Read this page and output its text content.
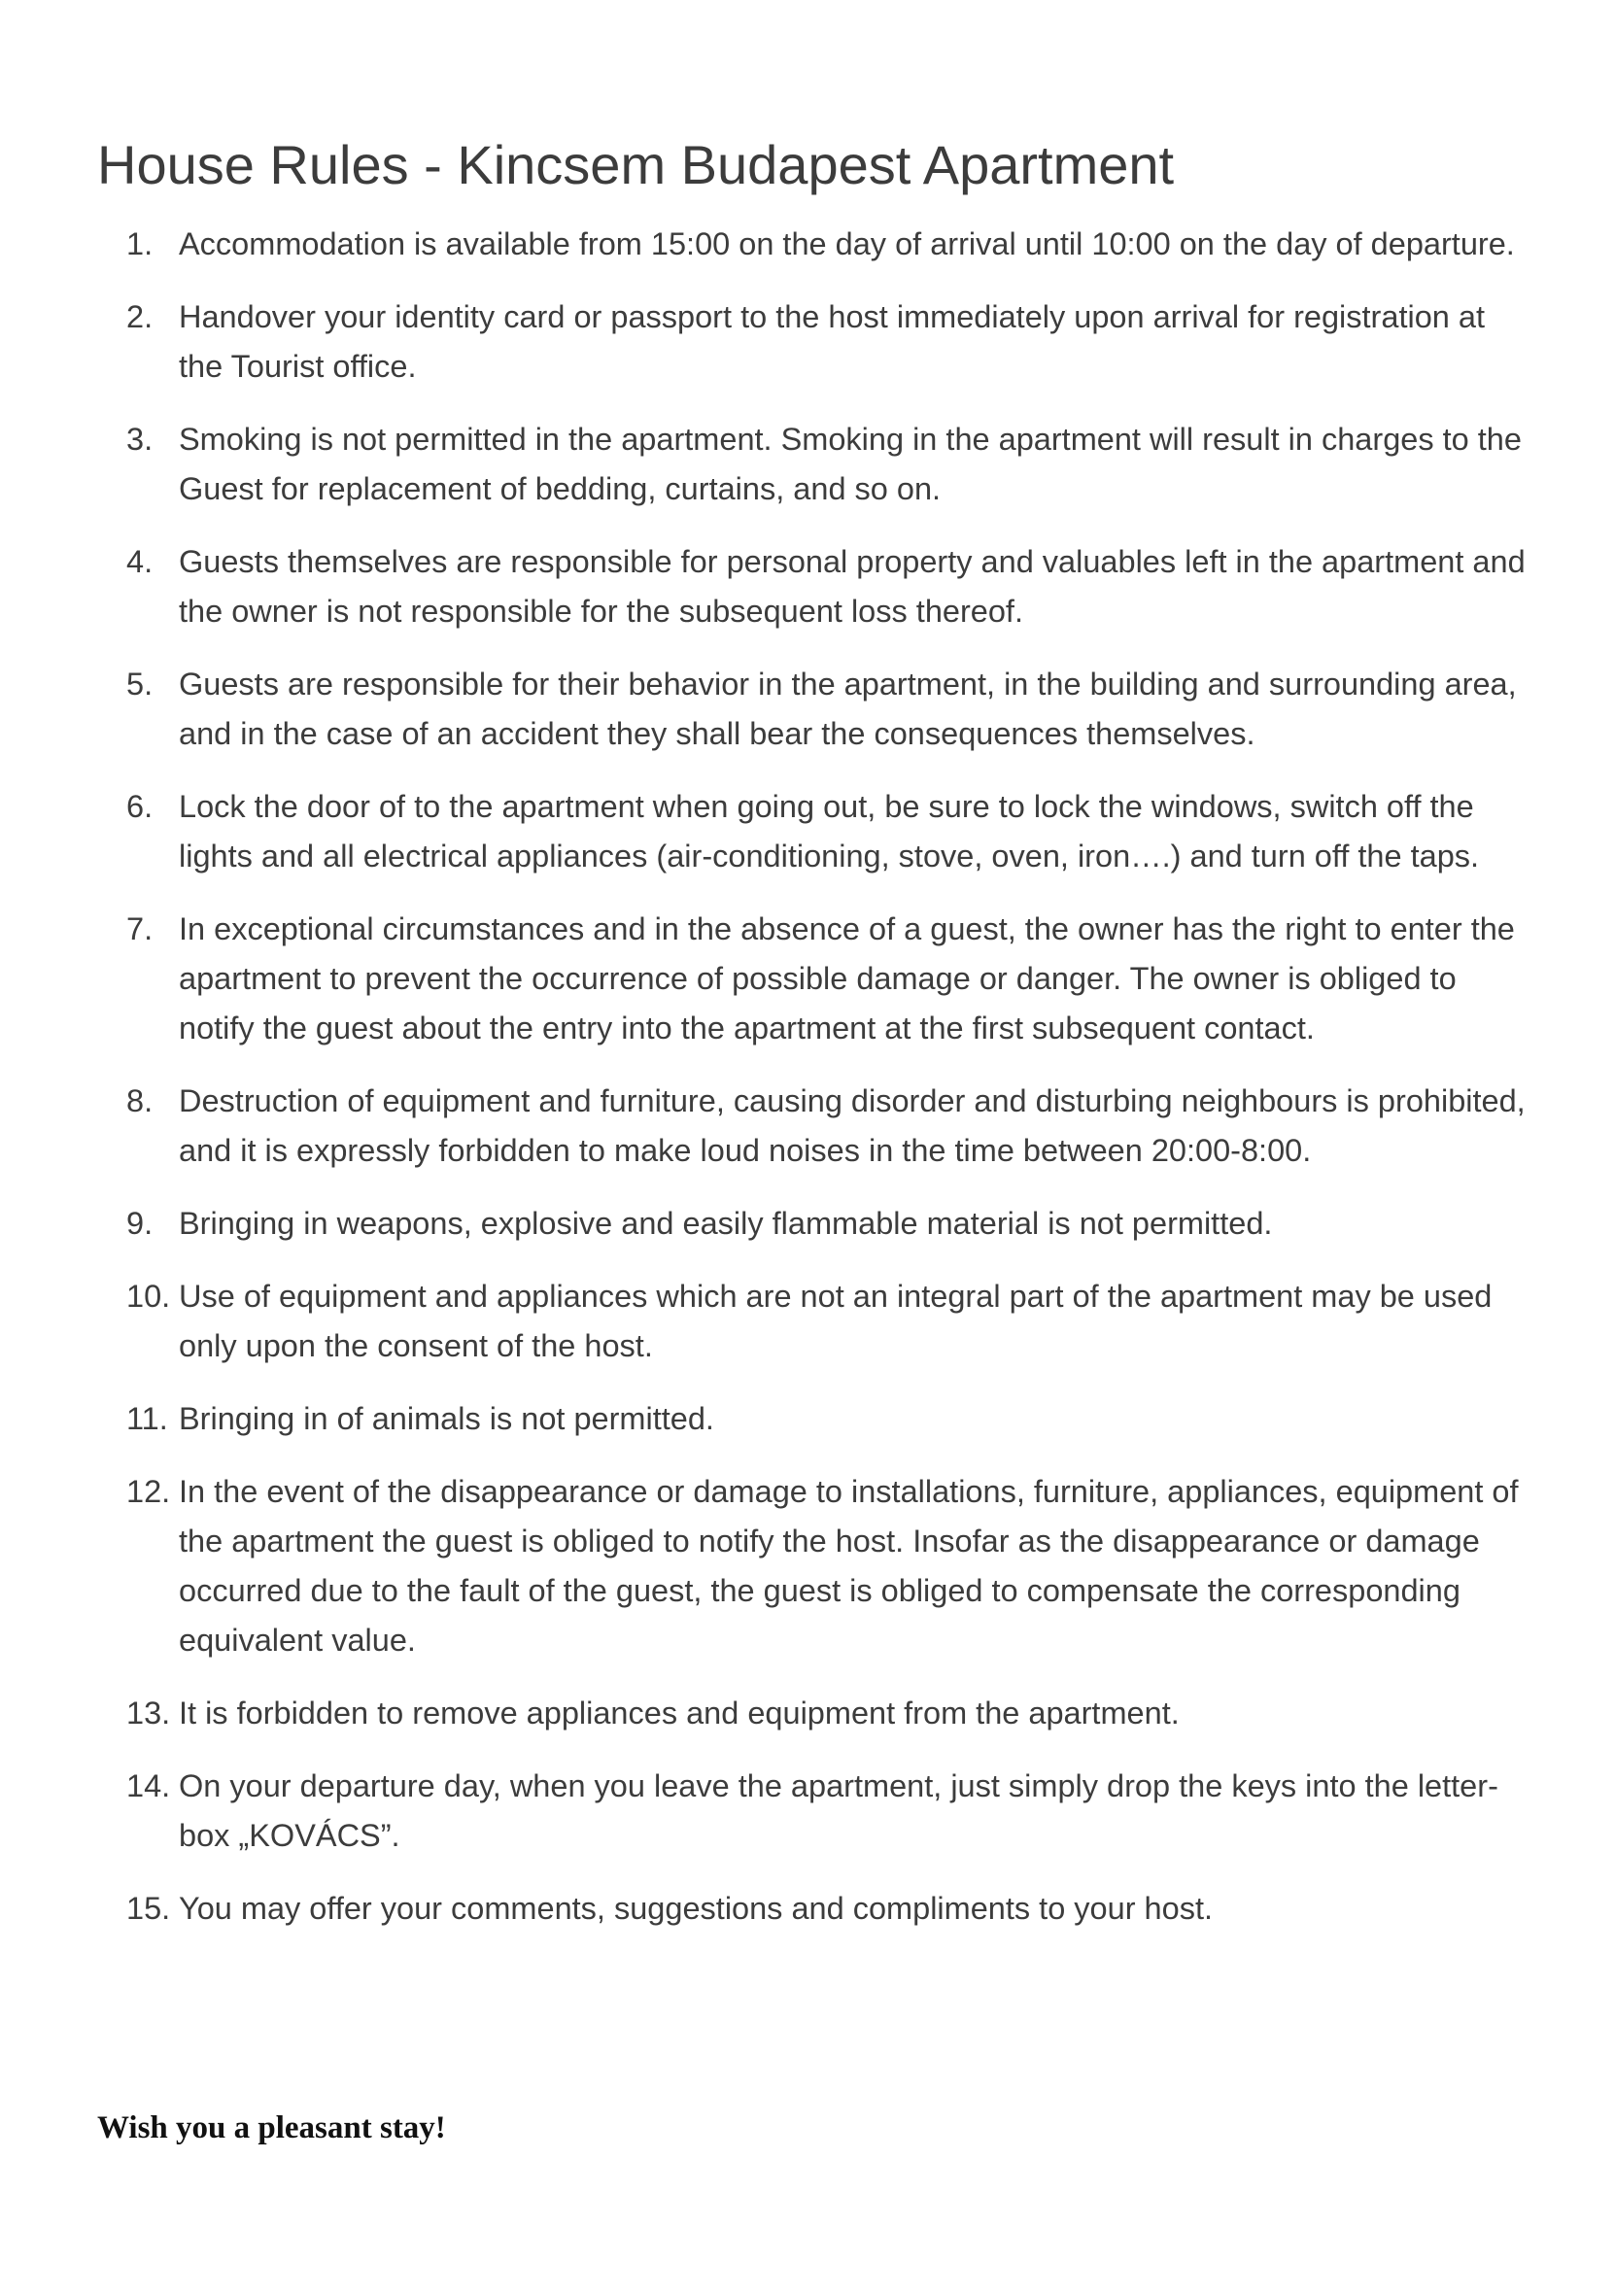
House Rules - Kincsem Budapest Apartment
1. Accommodation is available from 15:00 on the day of arrival until 10:00 on the day of departure.
2. Handover your identity card or passport to the host immediately upon arrival for registration at the Tourist office.
3. Smoking is not permitted in the apartment. Smoking in the apartment will result in charges to the Guest for replacement of bedding, curtains, and so on.
4. Guests themselves are responsible for personal property and valuables left in the apartment and the owner is not responsible for the subsequent loss thereof.
5. Guests are responsible for their behavior in the apartment, in the building and surrounding area, and in the case of an accident they shall bear the consequences themselves.
6. Lock the door of to the apartment when going out, be sure to lock the windows, switch off the lights and all electrical appliances (air-conditioning, stove, oven, iron….) and turn off the taps.
7. In exceptional circumstances and in the absence of a guest, the owner has the right to enter the apartment to prevent the occurrence of possible damage or danger. The owner is obliged to notify the guest about the entry into the apartment at the first subsequent contact.
8. Destruction of equipment and furniture, causing disorder and disturbing neighbours is prohibited, and it is expressly forbidden to make loud noises in the time between 20:00-8:00.
9. Bringing in weapons, explosive and easily flammable material is not permitted.
10. Use of equipment and appliances which are not an integral part of the apartment may be used only upon the consent of the host.
11. Bringing in of animals is not permitted.
12. In the event of the disappearance or damage to installations, furniture, appliances, equipment of the apartment the guest is obliged to notify the host. Insofar as the disappearance or damage occurred due to the fault of the guest, the guest is obliged to compensate the corresponding equivalent value.
13. It is forbidden to remove appliances and equipment from the apartment.
14. On your departure day, when you leave the apartment, just simply drop the keys into the letter-box „KOVÁCS”.
15. You may offer your comments, suggestions and compliments to your host.

Wish you a pleasant stay!
